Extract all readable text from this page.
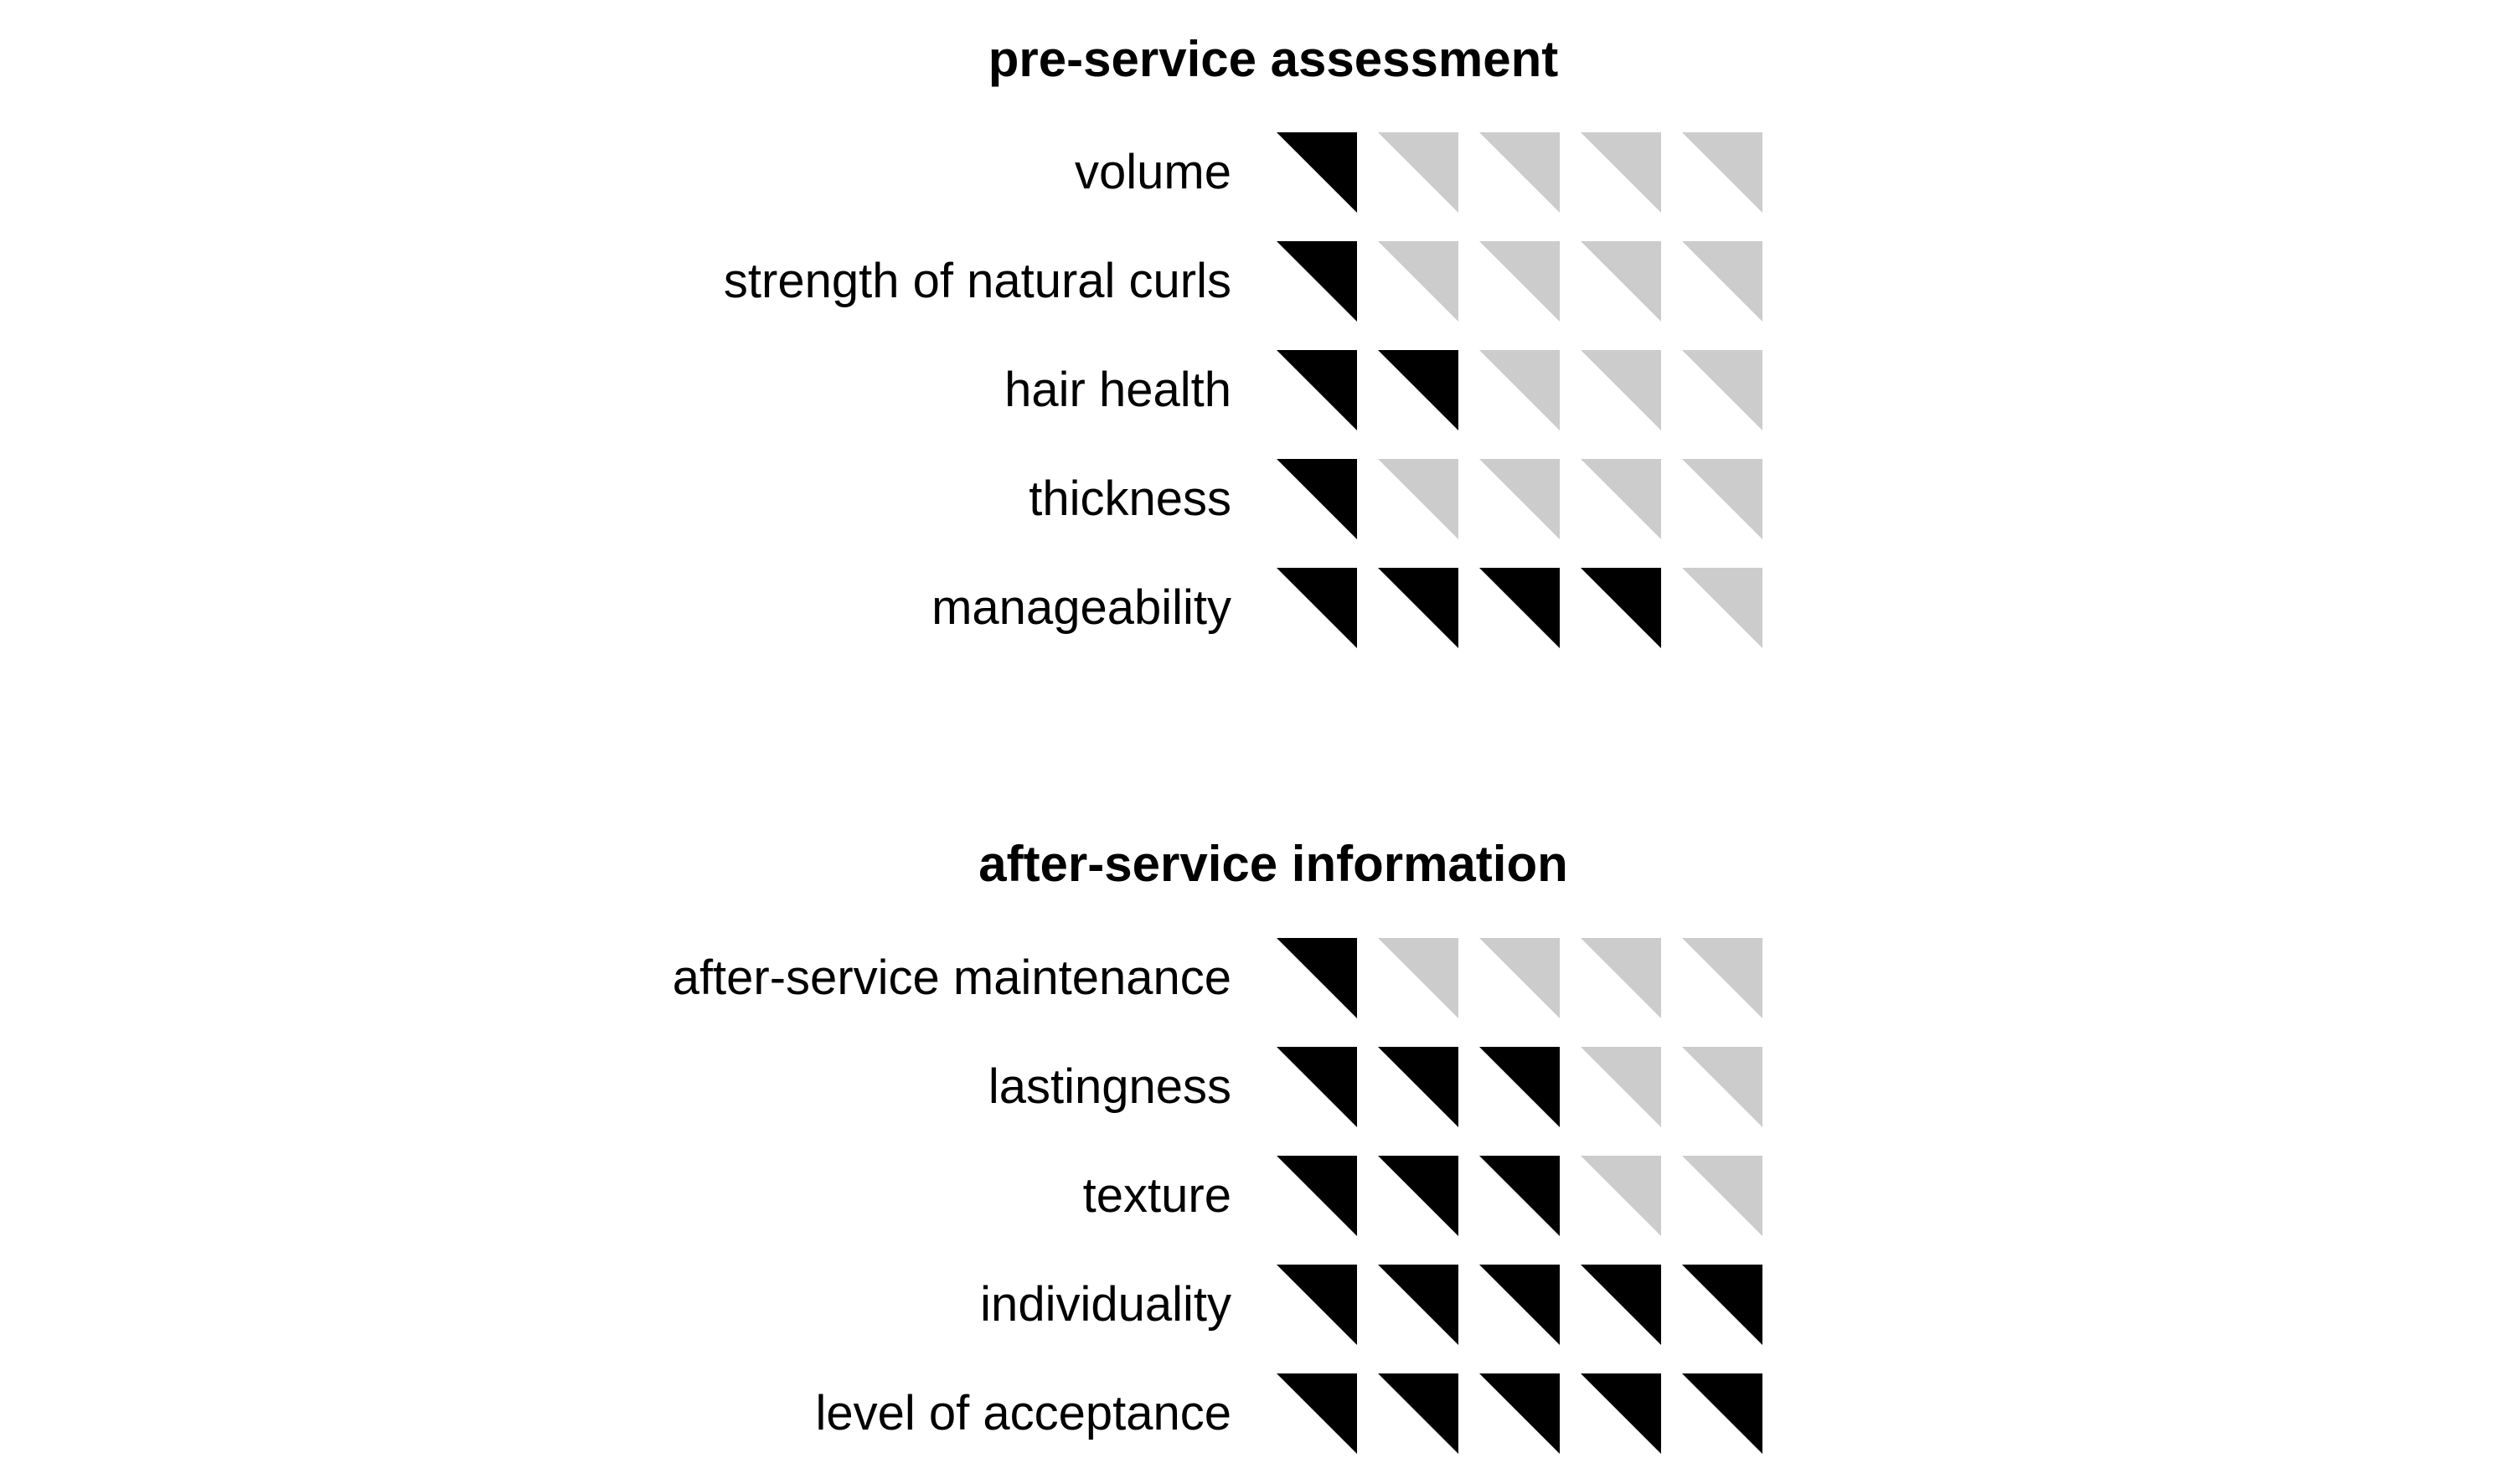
pre-service assessment
volume
strength of natural curls
hair health
thickness
manageability
after-service information
after-service maintenance
lastingness
texture
individuality
level of acceptance
